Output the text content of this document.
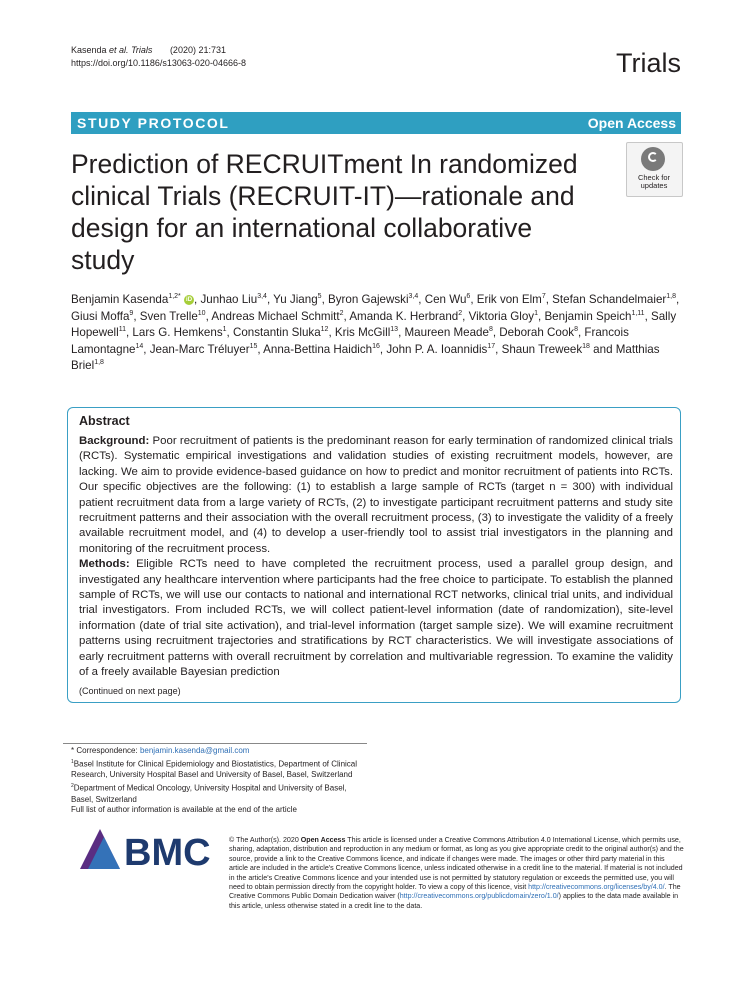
Kasenda et al. Trials (2020) 21:731
https://doi.org/10.1186/s13063-020-04666-8	Trials
STUDY PROTOCOL	Open Access
Prediction of RECRUITment In randomized clinical Trials (RECRUIT-IT)—rationale and design for an international collaborative study
Check for
updates
Benjamin Kasenda$^{1,2*}$ iD , Junhao Liu$^{3,4}$, Yu Jiang$^5$, Byron Gajewski$^{3,4}$, Cen Wu$^6$, Erik von Elm$^7$, Stefan Schandelmaier$^{1,8}$, Giusi Moffa$^9$, Sven Trelle$^{10}$, Andreas Michael Schmitt$^2$, Amanda K. Herbrand$^2$, Viktoria Gloy$^1$, Benjamin Speich$^{1,11}$, Sally Hopewell$^{11}$, Lars G. Hemkens$^1$, Constantin Sluka$^{12}$, Kris McGill$^{13}$, Maureen Meade$^8$, Deborah Cook$^8$, Francois Lamontagne$^{14}$, Jean-Marc Tréluyer$^{15}$, Anna-Bettina Haidich$^{16}$, John P. A. Ioannidis$^{17}$, Shaun Treweek$^{18}$ and Matthias Briel$^{1,8}$
Abstract

Background: Poor recruitment of patients is the predominant reason for early termination of randomized clinical trials (RCTs). Systematic empirical investigations and validation studies of existing recruitment models, however, are lacking. We aim to provide evidence-based guidance on how to predict and monitor recruitment of patients into RCTs. Our specific objectives are the following: (1) to establish a large sample of RCTs (target n = 300) with individual patient recruitment data from a large variety of RCTs, (2) to investigate participant recruitment patterns and study site recruitment patterns and their association with the overall recruitment process, (3) to investigate the validity of a freely available recruitment model, and (4) to develop a user-friendly tool to assist trial investigators in the planning and monitoring of the recruitment process.

Methods: Eligible RCTs need to have completed the recruitment process, used a parallel group design, and investigated any healthcare intervention where participants had the free choice to participate. To establish the planned sample of RCTs, we will use our contacts to national and international RCT networks, clinical trial units, and individual trial investigators. From included RCTs, we will collect patient-level information (date of randomization), site-level information (date of trial site activation), and trial-level information (target sample size). We will examine recruitment patterns using recruitment trajectories and stratifications by RCT characteristics. We will investigate associations of early recruitment patterns with overall recruitment by correlation and multivariable regression. To examine the validity of a freely available Bayesian prediction

(Continued on next page)
* Correspondence: benjamin.kasenda@gmail.com
$^1$Basel Institute for Clinical Epidemiology and Biostatistics, Department of Clinical Research, University Hospital Basel and University of Basel, Basel, Switzerland
$^2$Department of Medical Oncology, University Hospital and University of Basel, Basel, Switzerland
Full list of author information is available at the end of the article
BMC	© The Author(s). 2020 Open Access This article is licensed under a Creative Commons Attribution 4.0 International License, which permits use, sharing, adaptation, distribution and reproduction in any medium or format, as long as you give appropriate credit to the original author(s) and the source, provide a link to the Creative Commons licence, and indicate if changes were made. The images or other third party material in this article are included in the article's Creative Commons licence, unless indicated otherwise in a credit line to the material. If material is not included in the article's Creative Commons licence and your intended use is not permitted by statutory regulation or exceeds the permitted use, you will need to obtain permission directly from the copyright holder. To view a copy of this licence, visit http://creativecommons.org/licenses/by/4.0/. The Creative Commons Public Domain Dedication waiver (http://creativecommons.org/publicdomain/zero/1.0/) applies to the data made available in this article, unless otherwise stated in a credit line to the data.
